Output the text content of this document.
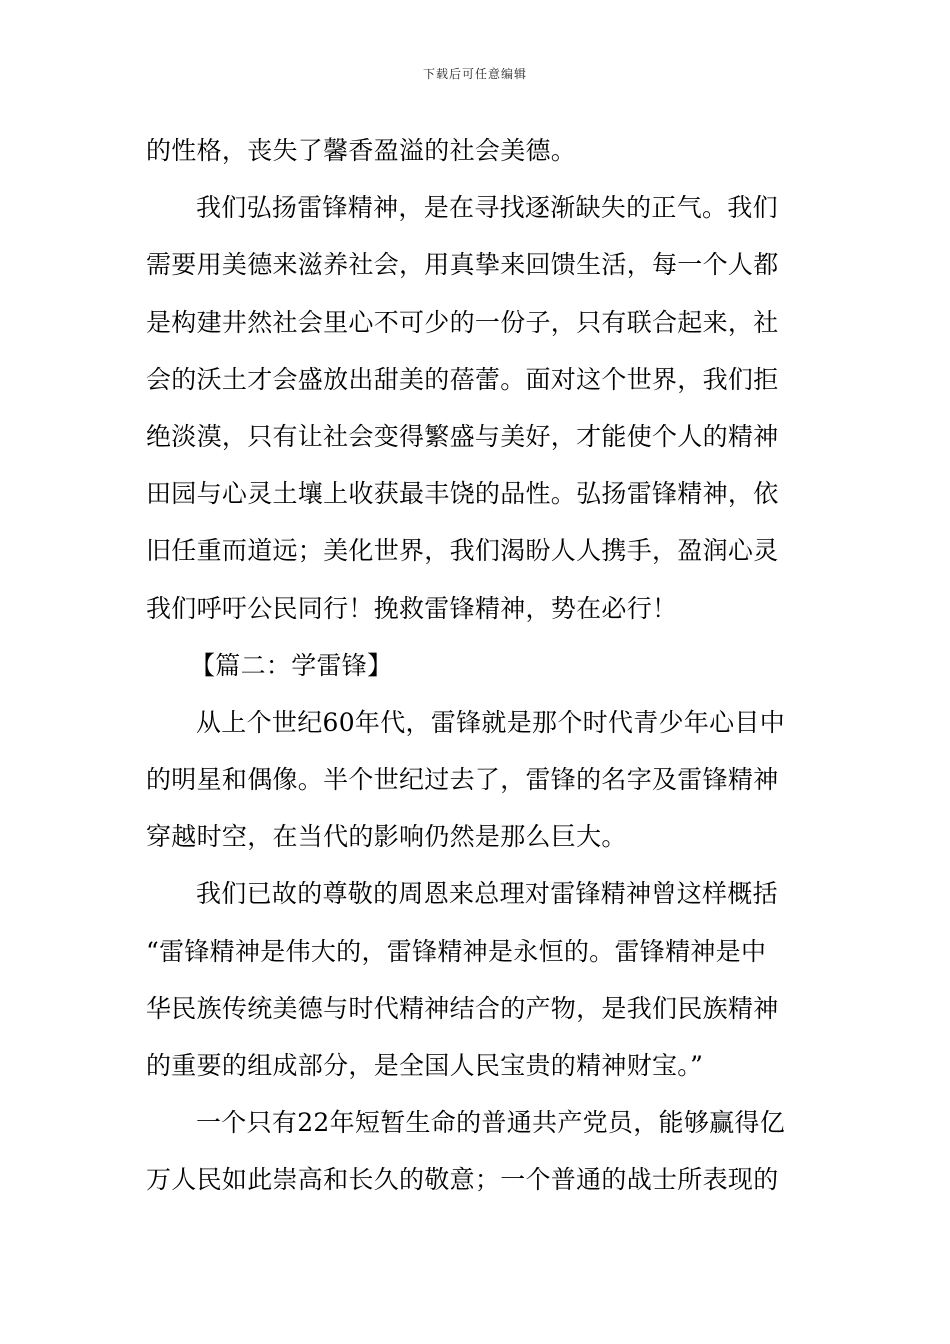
下载后可任意编辑
的性格，丧失了馨香盈溢的社会美德。
我们弘扬雷锋精神，是在寻找逐渐缺失的正气。我们
需要用美德来滋养社会，用真挚来回馈生活，每一个人都
是构建井然社会里心不可少的一份子，只有联合起来，社
会的沃土才会盛放出甜美的蓓蕾。面对这个世界，我们拒
绝淡漠，只有让社会变得繁盛与美好，才能使个人的精神
田园与心灵土壤上收获最丰饶的品性。弘扬雷锋精神，依
旧任重而道远；美化世界，我们渴盼人人携手，盈润心灵
我们呼吁公民同行！挽救雷锋精神，势在必行！
【篇二：学雷锋】
从上个世纪60年代，雷锋就是那个时代青少年心目中
的明星和偶像。半个世纪过去了，雷锋的名字及雷锋精神
穿越时空，在当代的影响仍然是那么巨大。
我们已故的尊敬的周恩来总理对雷锋精神曾这样概括
“雷锋精神是伟大的，雷锋精神是永恒的。雷锋精神是中
华民族传统美德与时代精神结合的产物，是我们民族精神
的重要的组成部分，是全国人民宝贵的精神财宝。”
一个只有22年短暂生命的普通共产党员，能够赢得亿
万人民如此崇高和长久的敬意；一个普通的战士所表现的
